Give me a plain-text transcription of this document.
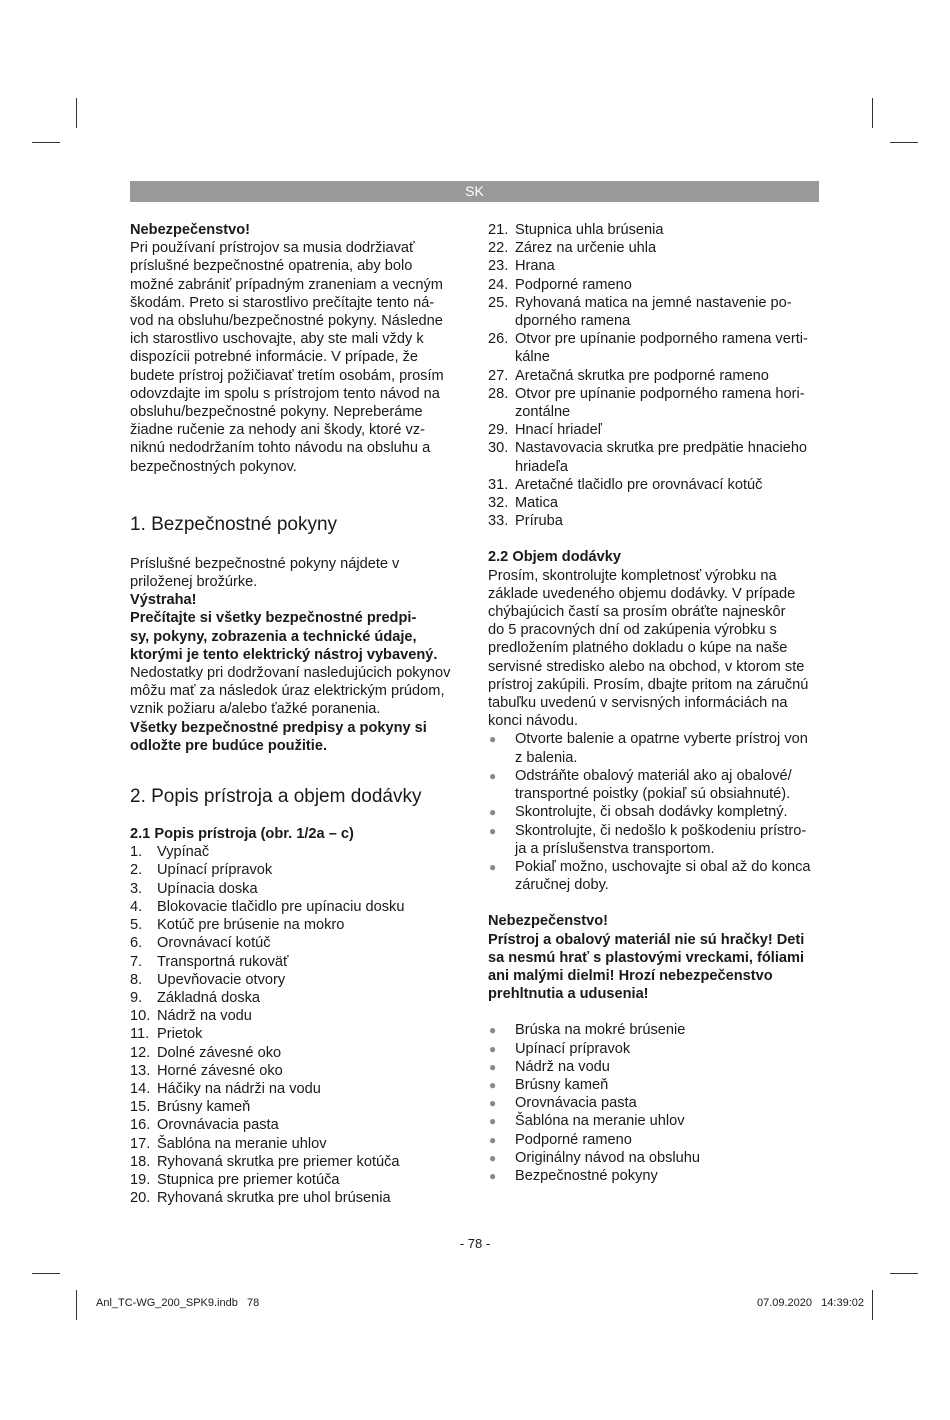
SK

Nebezpečenstvo!

Pri používaní prístrojov sa musia dodržiavať
príslušné bezpečnostné opatrenia, aby bolo
možné zabrániť prípadným zraneniam a vecným
škodám. Preto si starostlivo prečítajte tento ná-
vod na obsluhu/bezpečnostné pokyny. Následne
ich starostlivo uschovajte, aby ste mali vždy k
dispozícii potrebné informácie. V prípade, že
budete prístroj požičiavať tretím osobám, prosím
odovzdajte im spolu s prístrojom tento návod na
obsluhu/bezpečnostné pokyny. Nepreberáme
žiadne ručenie za nehody ani škody, ktoré vz-
niknú nedodržaním tohto návodu na obsluhu a
bezpečnostných pokynov.
1. Bezpečnostné pokyny
Príslušné bezpečnostné pokyny nájdete v
priloženej brožúrke.

Výstraha!

Prečítajte si všetky bezpečnostné predpi-
sy, pokyny, zobrazenia a technické údaje,
ktorými je tento elektrický nástroj vybavený.
Nedostatky pri dodržovaní nasledujúcich pokynov
môžu mať za následok úraz elektrickým prúdom,
vznik požiaru a/alebo ťažké poranenia.
Všetky bezpečnostné predpisy a pokyny si
odložte pre budúce použitie.
2. Popis prístroja a objem dodávky

2.1 Popis prístroja (obr. 1/2a – c)

1. Vypínač
2. Upínací prípravok
3. Upínacia doska
4. Blokovacie tlačidlo pre upínaciu dosku
5. Kotúč pre brúsenie na mokro
6. Orovnávací kotúč
7. Transportná rukoväť
8. Upevňovacie otvory
9. Základná doska
10. Nádrž na vodu
11. Prietok
12. Dolné závesné oko
13. Horné závesné oko
14. Háčiky na nádrži na vodu
15. Brúsny kameň
16. Orovnávacia pasta
17. Šablóna na meranie uhlov
18. Ryhovaná skrutka pre priemer kotúča
19. Stupnica pre priemer kotúča
20. Ryhovaná skrutka pre uhol brúsenia
21. Stupnica uhla brúsenia
22. Zárez na určenie uhla
23. Hrana
24. Podporné rameno
25. Ryhovaná matica na jemné nastavenie po-
dporného ramena
26. Otvor pre upínanie podporného ramena verti-
kálne
27. Aretačná skrutka pre podporné rameno
28. Otvor pre upínanie podporného ramena hori-
zontálne
29. Hnací hriadeľ
30. Nastavovacia skrutka pre predpätie hnacieho
hriadeľa
31. Aretačné tlačidlo pre orovnávací kotúč
32. Matica
33. Príruba

2.2 Objem dodávky

Prosím, skontrolujte kompletnosť výrobku na
základe uvedeného objemu dodávky. V prípade
chýbajúcich častí sa prosím obráťte najneskôr
do 5 pracovných dní od zakúpenia výrobku s
predložením platného dokladu o kúpe na naše
servisné stredisko alebo na obchod, v ktorom ste
prístroj zakúpili. Prosím, dbajte pritom na záručnú
tabuľku uvedenú v servisných informáciách na
konci návodu.
● Otvorte balenie a opatrne vyberte prístroj von
z balenia.
● Odstráňte obalový materiál ako aj obalové/
transportné poistky (pokiaľ sú obsiahnuté).
● Skontrolujte, či obsah dodávky kompletný.
● Skontrolujte, či nedošlo k poškodeniu prístro-
ja a príslušenstva transportom.
● Pokiaľ možno, uschovajte si obal až do konca
záručnej doby.

Nebezpečenstvo!

Prístroj a obalový materiál nie sú hračky! Deti
sa nesmú hrať s plastovými vreckami, fóliami
ani malými dielmi! Hrozí nebezpečenstvo
prehltnutia a udusenia!
● Brúska na mokré brúsenie
● Upínací prípravok
● Nádrž na vodu
● Brúsny kameň
● Orovnávacia pasta
● Šablóna na meranie uhlov
● Podporné rameno
● Originálny návod na obsluhu
● Bezpečnostné pokyny
- 78 -
Anl_TC-WG_200_SPK9.indb   78	07.09.2020   14:39:02
